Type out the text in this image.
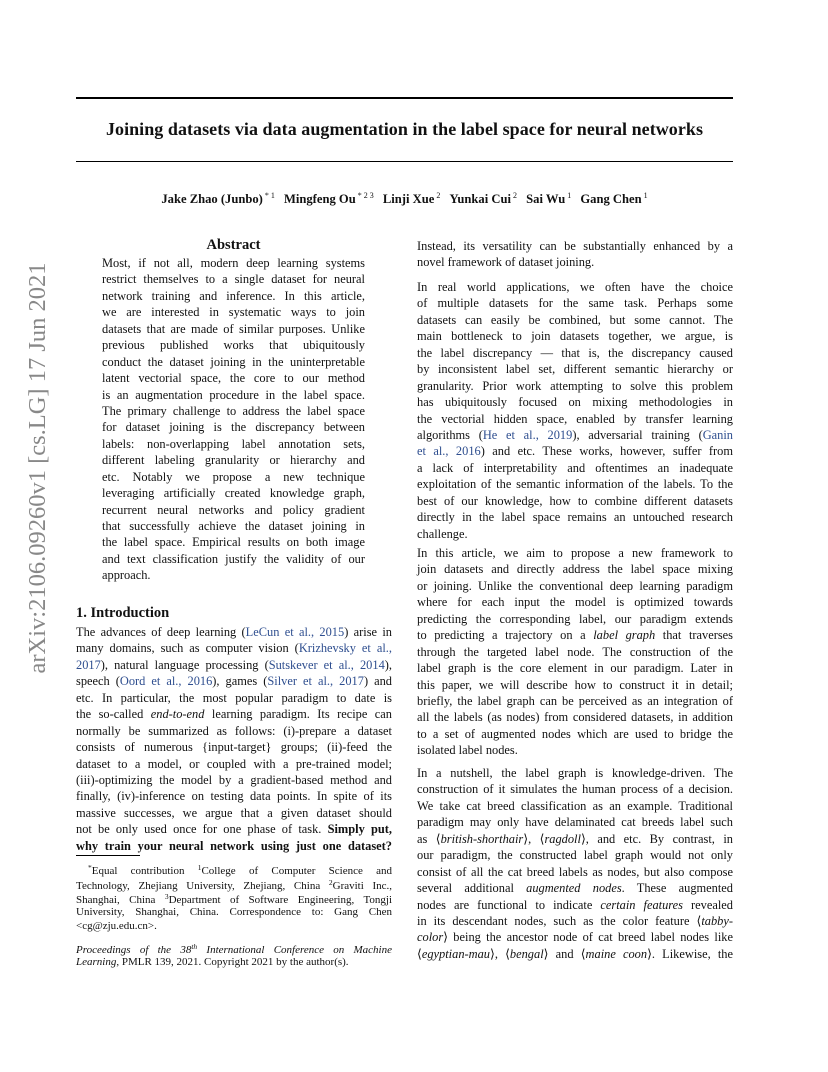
arXiv:2106.09260v1 [cs.LG] 17 Jun 2021
Joining datasets via data augmentation in the label space for neural networks
Jake Zhao (Junbo) $^{* 1}$ Mingfeng Ou $^{* 2 3}$ Linji Xue $^2$ Yunkai Cui $^2$ Sai Wu $^1$ Gang Chen $^1$
Abstract
Most, if not all, modern deep learning systems
restrict themselves to a single dataset for neural
network training and inference. In this article,
we are interested in systematic ways to join
datasets that are made of similar purposes. Unlike
previous published works that ubiquitously
conduct the dataset joining in the uninterpretable
latent vectorial space, the core to our method
is an augmentation procedure in the label space.
The primary challenge to address the label space
for dataset joining is the discrepancy between
labels: non-overlapping label annotation sets,
different labeling granularity or hierarchy and
etc. Notably we propose a new technique
leveraging artificially created knowledge graph,
recurrent neural networks and policy gradient
that successfully achieve the dataset joining in
the label space. Empirical results on both image
and text classification justify the validity of our
approach.
1. Introduction
The advances of deep learning (LeCun et al., 2015) arise in
many domains, such as computer vision (Krizhevsky et al.,
2017), natural language processing (Sutskever et al., 2014),
speech (Oord et al., 2016), games (Silver et al., 2017) and
etc. In particular, the most popular paradigm to date is
the so-called end-to-end learning paradigm. Its recipe can
normally be summarized as follows: (i)-prepare a dataset
consists of numerous {input-target} groups; (ii)-feed the
dataset to a model, or coupled with a pre-trained model;
(iii)-optimizing the model by a gradient-based method and
finally, (iv)-inference on testing data points. In spite of its
massive successes, we argue that a given dataset should
not be only used once for one phase of task. Simply put,
why train your neural network using just one dataset?
*Equal contribution $^1$College of Computer Science and
Technology, Zhejiang University, Zhejiang, China $^2$Graviti Inc.,
Shanghai, China $^3$Department of Software Engineering, Tongji
University, Shanghai, China. Correspondence to: Gang Chen
<cg@zju.edu.cn>.
Proceedings of the 38th International Conference on Machine
Learning, PMLR 139, 2021. Copyright 2021 by the author(s).
Instead, its versatility can be substantially enhanced by a
novel framework of dataset joining.
In real world applications, we often have the choice
of multiple datasets for the same task. Perhaps some
datasets can easily be combined, but some cannot. The
main bottleneck to join datasets together, we argue, is
the label discrepancy — that is, the discrepancy caused
by inconsistent label set, different semantic hierarchy or
granularity. Prior work attempting to solve this problem
has ubiquitously focused on mixing methodologies in
the vectorial hidden space, enabled by transfer learning
algorithms (He et al., 2019), adversarial training (Ganin
et al., 2016) and etc. These works, however, suffer from
a lack of interpretability and oftentimes an inadequate
exploitation of the semantic information of the labels. To the
best of our knowledge, how to combine different datasets
directly in the label space remains an untouched research
challenge.
In this article, we aim to propose a new framework to
join datasets and directly address the label space mixing
or joining. Unlike the conventional deep learning paradigm
where for each input the model is optimized towards
predicting the corresponding label, our paradigm extends
to predicting a trajectory on a label graph that traverses
through the targeted label node. The construction of the
label graph is the core element in our paradigm. Later in
this paper, we will describe how to construct it in detail;
briefly, the label graph can be perceived as an integration of
all the labels (as nodes) from considered datasets, in addition
to a set of augmented nodes which are used to bridge the
isolated label nodes.
In a nutshell, the label graph is knowledge-driven. The
construction of it simulates the human process of a decision.
We take cat breed classification as an example. Traditional
paradigm may only have delaminated cat breeds label such
as ⟨british-shorthair⟩, ⟨ragdoll⟩, and etc. By contrast, in
our paradigm, the constructed label graph would not only
consist of all the cat breed labels as nodes, but also compose
several additional augmented nodes. These augmented
nodes are functional to indicate certain features revealed
in its descendant nodes, such as the color feature ⟨tabby-
color⟩ being the ancestor node of cat breed label nodes like
⟨egyptian-mau⟩, ⟨bengal⟩ and ⟨maine coon⟩. Likewise, the
